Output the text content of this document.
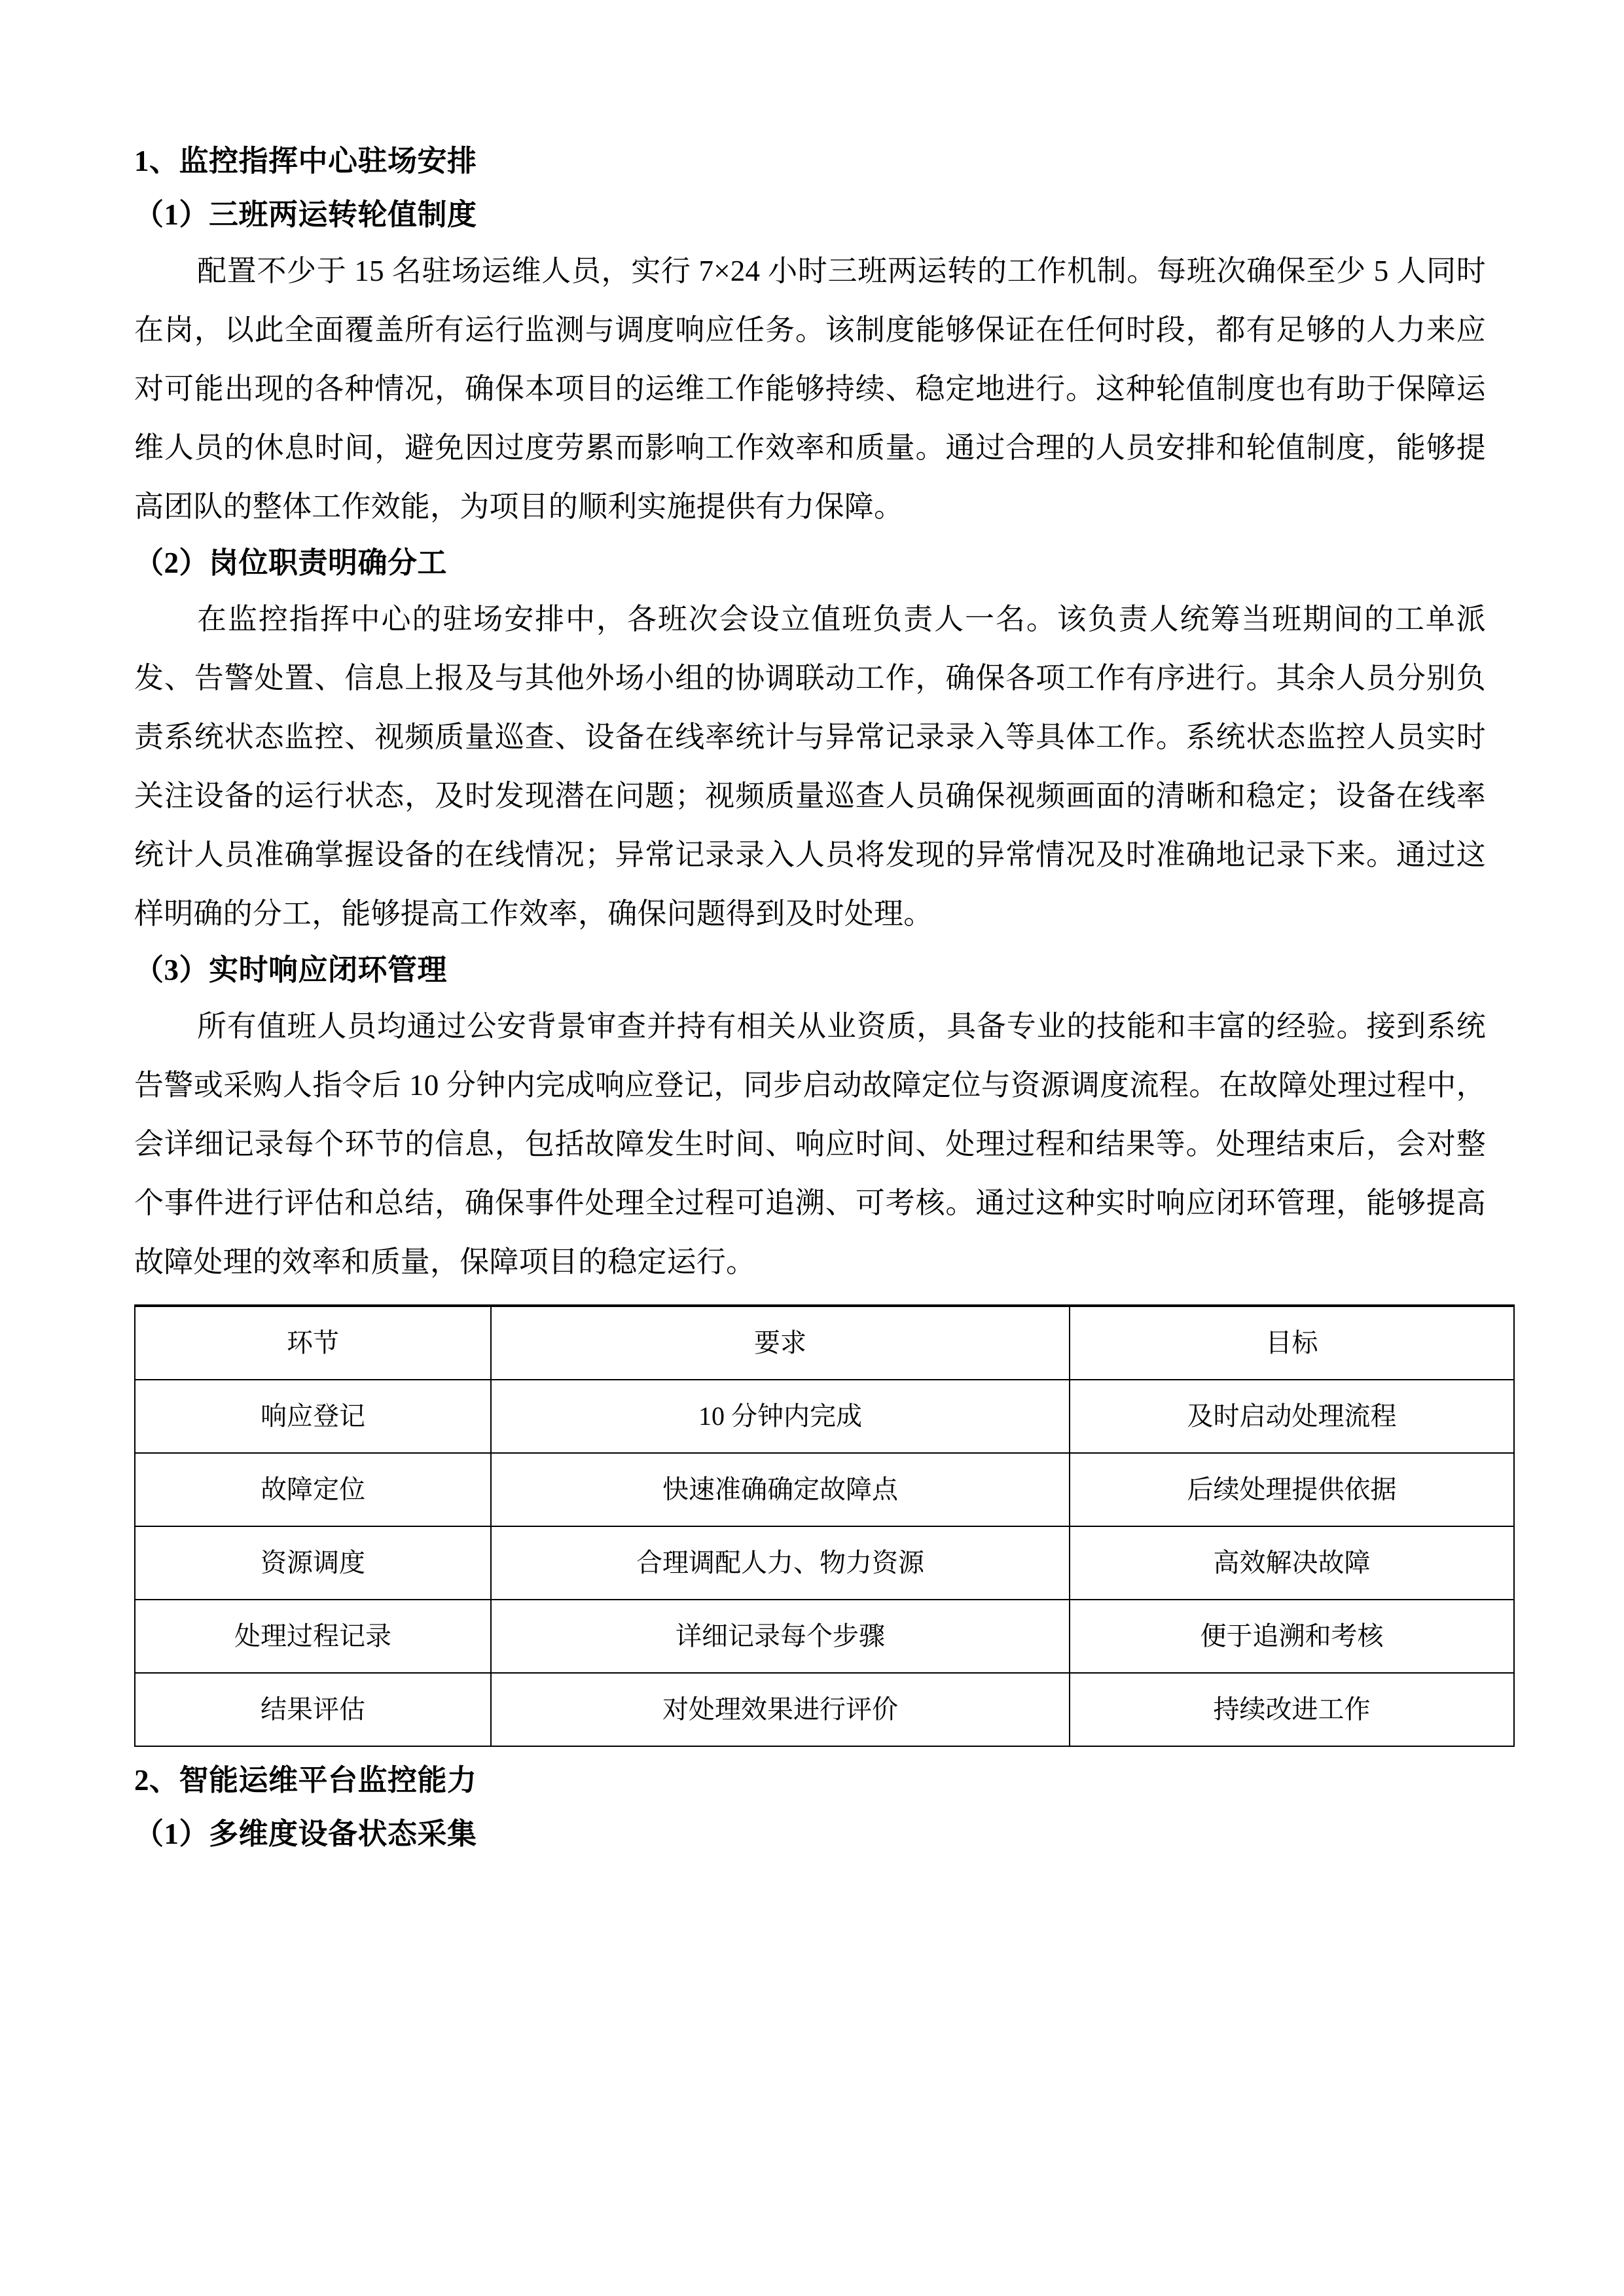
1、监控指挥中心驻场安排
（1）三班两运转轮值制度

配置不少于 15 名驻场运维人员，实行 7×24 小时三班两运转的工作机制。每班次确保至少 5 人同时在岗，以此全面覆盖所有运行监测与调度响应任务。该制度能够保证在任何时段，都有足够的人力来应对可能出现的各种情况，确保本项目的运维工作能够持续、稳定地进行。这种轮值制度也有助于保障运维人员的休息时间，避免因过度劳累而影响工作效率和质量。通过合理的人员安排和轮值制度，能够提高团队的整体工作效能，为项目的顺利实施提供有力保障。

（2）岗位职责明确分工

在监控指挥中心的驻场安排中，各班次会设立值班负责人一名。该负责人统筹当班期间的工单派发、告警处置、信息上报及与其他外场小组的协调联动工作，确保各项工作有序进行。其余人员分别负责系统状态监控、视频质量巡查、设备在线率统计与异常记录录入等具体工作。系统状态监控人员实时关注设备的运行状态，及时发现潜在问题；视频质量巡查人员确保视频画面的清晰和稳定；设备在线率统计人员准确掌握设备的在线情况；异常记录录入人员将发现的异常情况及时准确地记录下来。通过这样明确的分工，能够提高工作效率，确保问题得到及时处理。

（3）实时响应闭环管理

所有值班人员均通过公安背景审查并持有相关从业资质，具备专业的技能和丰富的经验。接到系统告警或采购人指令后 10 分钟内完成响应登记，同步启动故障定位与资源调度流程。在故障处理过程中，会详细记录每个环节的信息，包括故障发生时间、响应时间、处理过程和结果等。处理结束后，会对整个事件进行评估和总结，确保事件处理全过程可追溯、可考核。通过这种实时响应闭环管理，能够提高故障处理的效率和质量，保障项目的稳定运行。

环节	要求	目标
响应登记	10 分钟内完成	及时启动处理流程
故障定位	快速准确确定故障点	后续处理提供依据
资源调度	合理调配人力、物力资源	高效解决故障
处理过程记录	详细记录每个步骤	便于追溯和考核
结果评估	对处理效果进行评价	持续改进工作
2、智能运维平台监控能力
（1）多维度设备状态采集
